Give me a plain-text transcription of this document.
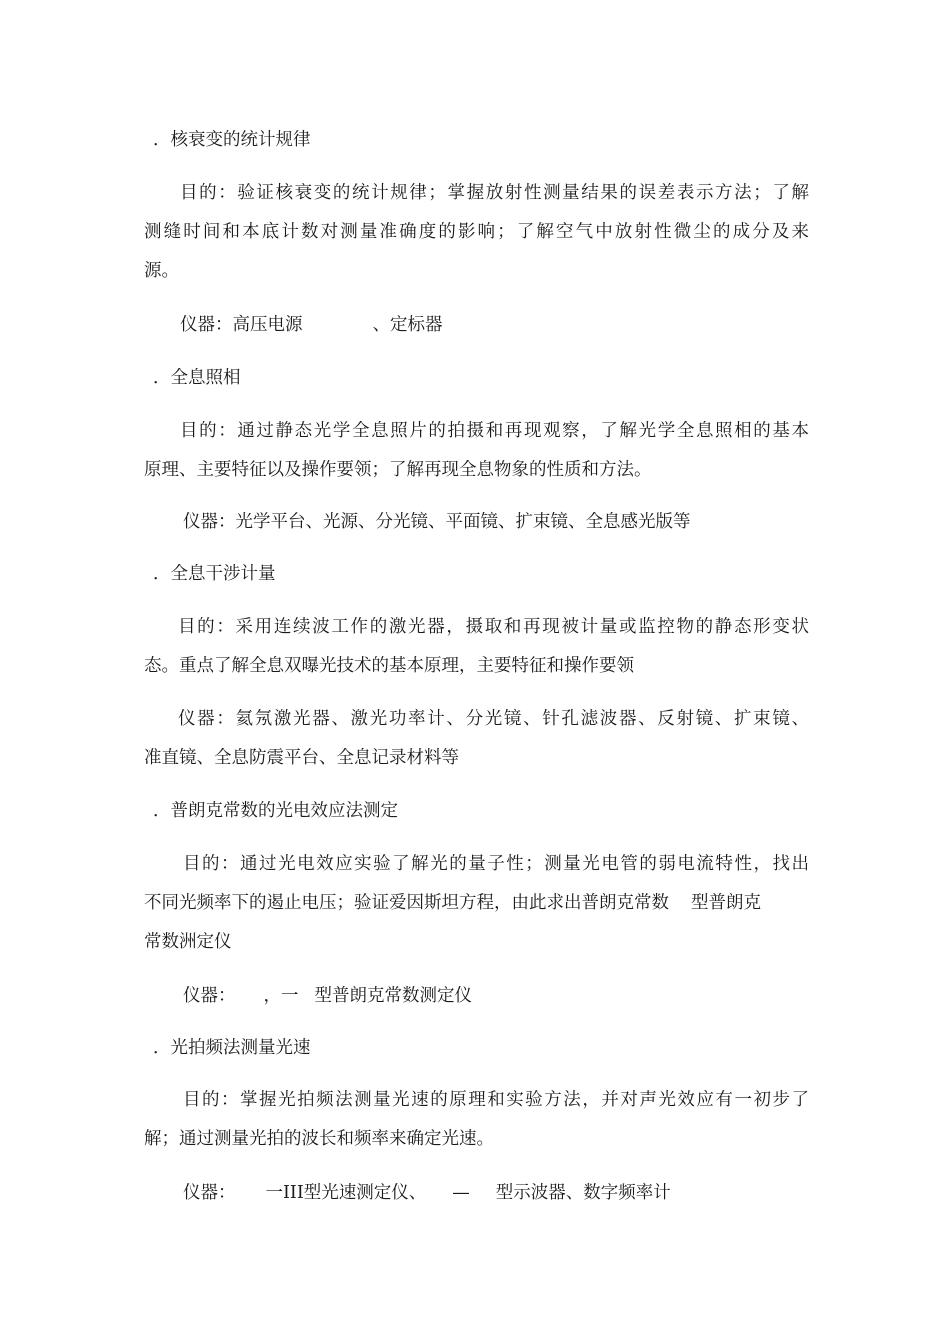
．核衰变的统计规律
目的：验证核衰变的统计规律；掌握放射性测量结果的误差表示方法；了解
测缝时间和本底计数对测量准确度的影响；了解空气中放射性微尘的成分及来
源。
仪器：高压电源	、定标器
．全息照相
目的：通过静态光学全息照片的拍摄和再现观察，了解光学全息照相的基本
原理、主要特征以及操作要领；了解再现全息物象的性质和方法。
仪器：光学平台、光源、分光镜、平面镜、扩束镜、全息感光版等
．全息干涉计量
目的：采用连续波工作的激光器，摄取和再现被计量或监控物的静态形变状
态。重点了解全息双曝光技术的基本原理，主要特征和操作要领
仪器：氦氖激光器、激光功率计、分光镜、针孔滤波器、反射镜、扩束镜、
准直镜、全息防震平台、全息记录材料等
．普朗克常数的光电效应法测定
目的：通过光电效应实验了解光的量子性；测量光电管的弱电流特性，找出
不同光频率下的遏止电压；验证爱因斯坦方程，由此求出普朗克常数 型普朗克
常数洲定仪
仪器： ，一 型普朗克常数测定仪
．光拍频法测量光速
目的：掌握光拍频法测量光速的原理和实验方法，并对声光效应有一初步了
解；通过测量光拍的波长和频率来确定光速。
仪器： 一III型光速测定仪、 — 型示波器、数字频率计
